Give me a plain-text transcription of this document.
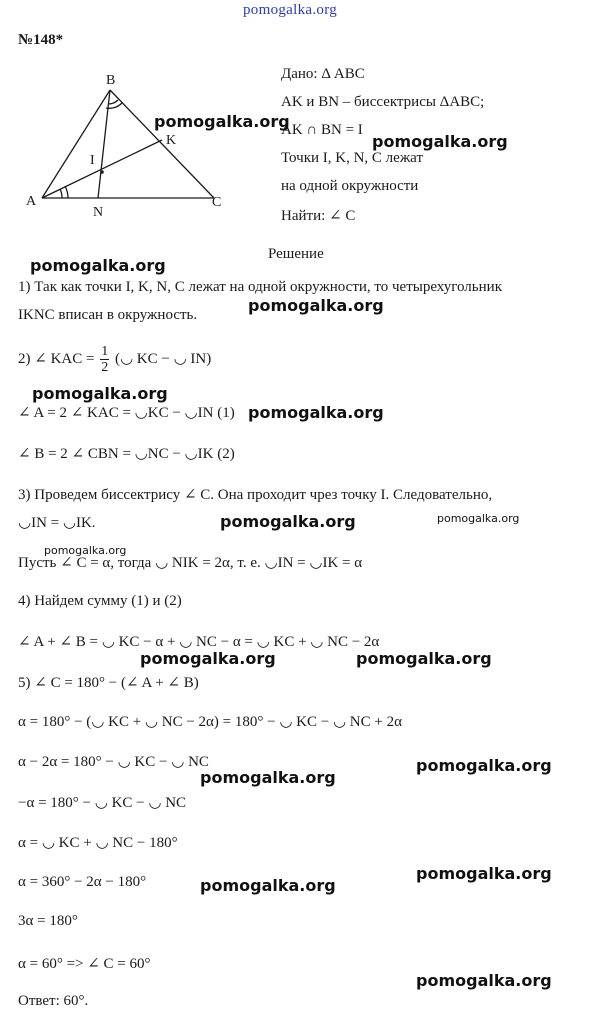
pomogalka.org
№148*
B
A	C
K
N
I
Дано: Δ ABC
AK и BN – биссектрисы ΔABC;
AK ∩ BN = I
Точки I, K, N, C лежат
на одной окружности
Найти: ∠ C
Решение
1) Так как точки I, K, N, C лежат на одной окружности, то четырехугольник
IKNC вписан в окружность.
2) ∠ KAC = $\frac{1}{2}$ (◡ KC − ◡ IN)
∠ A = 2 ∠ KAC = ◡KC − ◡IN (1)
∠ B = 2 ∠ CBN = ◡NC − ◡IK (2)
3) Проведем биссектрису ∠ C. Она проходит чрез точку I. Следовательно,
◡IN = ◡IK.
Пусть ∠ C = α, тогда ◡ NIK = 2α, т. е. ◡IN = ◡IK = α
4) Найдем сумму (1) и (2)
∠ A + ∠ B = ◡ KC − α + ◡ NC − α = ◡ KC + ◡ NC − 2α
5) ∠ C = 180° − (∠ A + ∠ B)
α = 180° − (◡ KC + ◡ NC − 2α) = 180° − ◡ KC − ◡ NC + 2α
α − 2α = 180° − ◡ KC − ◡ NC
−α = 180° − ◡ KC − ◡ NC
α = ◡ KC + ◡ NC − 180°
α = 360° − 2α − 180°
3α = 180°
α = 60° => ∠ C = 60°
Ответ: 60°.
pomogalka.org
pomogalka.org
pomogalka.org
pomogalka.org
pomogalka.org
pomogalka.org
pomogalka.org	pomogalka.org
pomogalka.org
pomogalka.org	pomogalka.org
pomogalka.org
pomogalka.org
pomogalka.org
pomogalka.org
pomogalka.org
